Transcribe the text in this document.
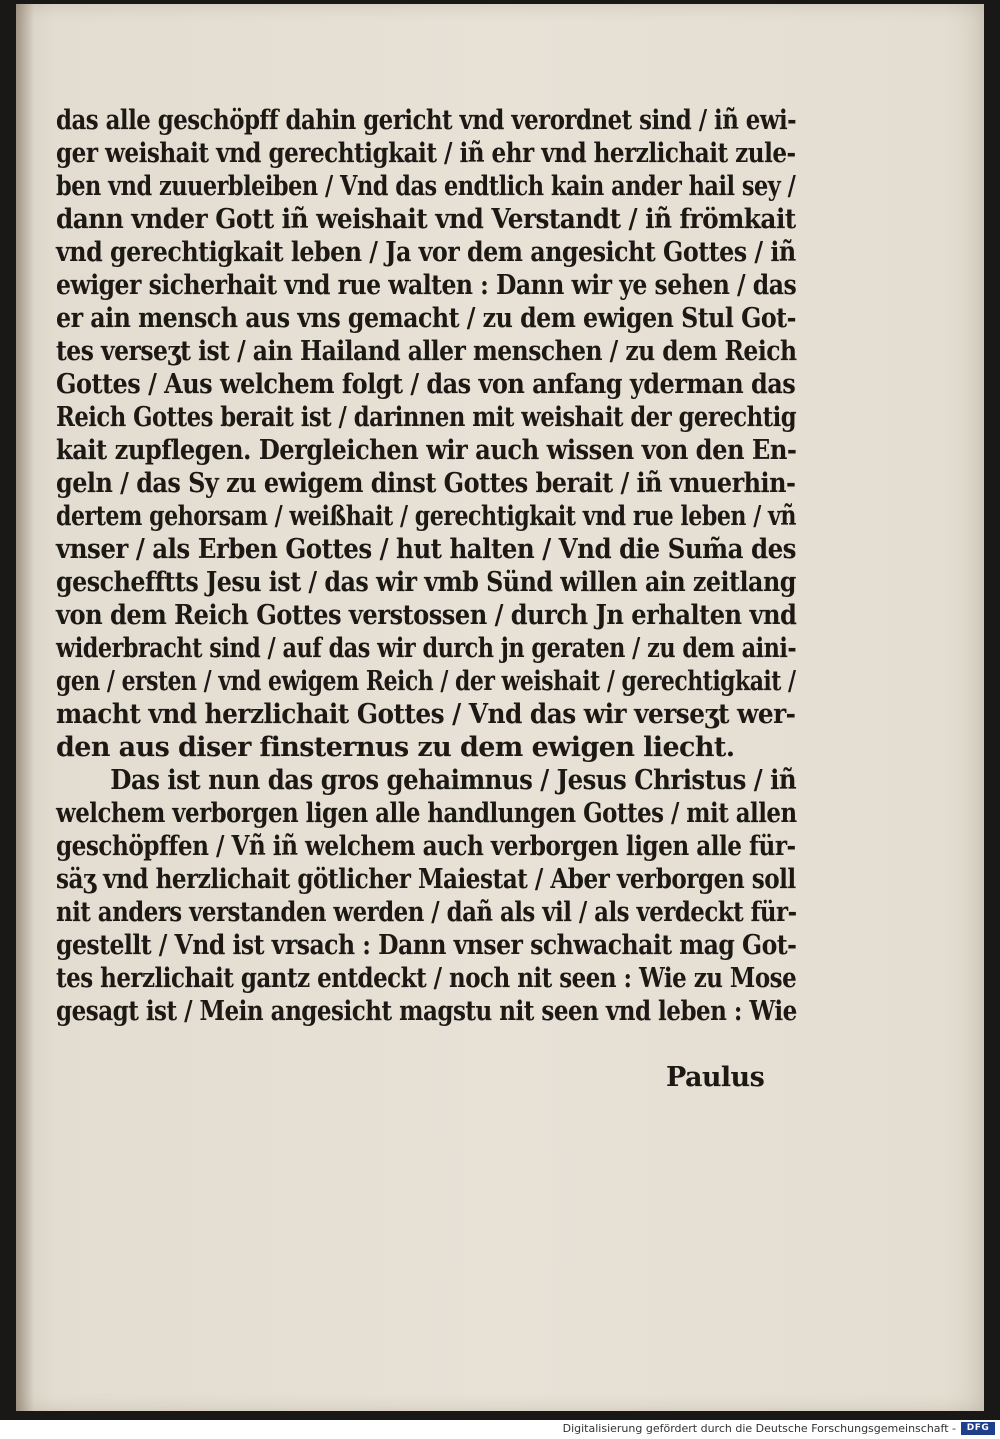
das alle geschöpff dahin gericht vnd verordnet sind / iñ ewi-
ger weishait vnd gerechtigkait / iñ ehr vnd herzlichait zule-
ben vnd zuuerbleiben / Vnd das endtlich kain ander hail sey /
dann vnder Gott iñ weishait vnd Verstandt / iñ frömkait
vnd gerechtigkait leben / Ja vor dem angesicht Gottes / iñ
ewiger sicherhait vnd rue walten : Dann wir ye sehen / das
er ain mensch aus vns gemacht / zu dem ewigen Stul Got-
tes verseʒt ist / ain Hailand aller menschen / zu dem Reich
Gottes / Aus welchem folgt / das von anfang yderman das
Reich Gottes berait ist / darinnen mit weishait der gerechtig
kait zupflegen. Dergleichen wir auch wissen von den En-
geln / das Sy zu ewigem dinst Gottes berait / iñ vnuerhin-
dertem gehorsam / weißhait / gerechtigkait vnd rue leben / vñ
vnser / als Erben Gottes / hut halten / Vnd die Sum̃a des
geschefftts Jesu ist / das wir vmb Sünd willen ain zeitlang
von dem Reich Gottes verstossen / durch Jn erhalten vnd
widerbracht sind / auf das wir durch jn geraten / zu dem aini-
gen / ersten / vnd ewigem Reich / der weishait / gerechtigkait /
macht vnd herzlichait Gottes / Vnd das wir verseʒt wer-
den aus diser finsternus zu dem ewigen liecht.
Das ist nun das gros gehaimnus / Jesus Christus / iñ
welchem verborgen ligen alle handlungen Gottes / mit allen
geschöpffen / Vñ iñ welchem auch verborgen ligen alle für-
säʒ vnd herzlichait götlicher Maiestat / Aber verborgen soll
nit anders verstanden werden / dañ als vil / als verdeckt für-
gestellt / Vnd ist vrsach : Dann vnser schwachait mag Got-
tes herzlichait gantz entdeckt / noch nit seen : Wie zu Mose
gesagt ist / Mein angesicht magstu nit seen vnd leben : Wie
Paulus
Digitalisierung gefördert durch die Deutsche Forschungsgemeinschaft -	DFG
